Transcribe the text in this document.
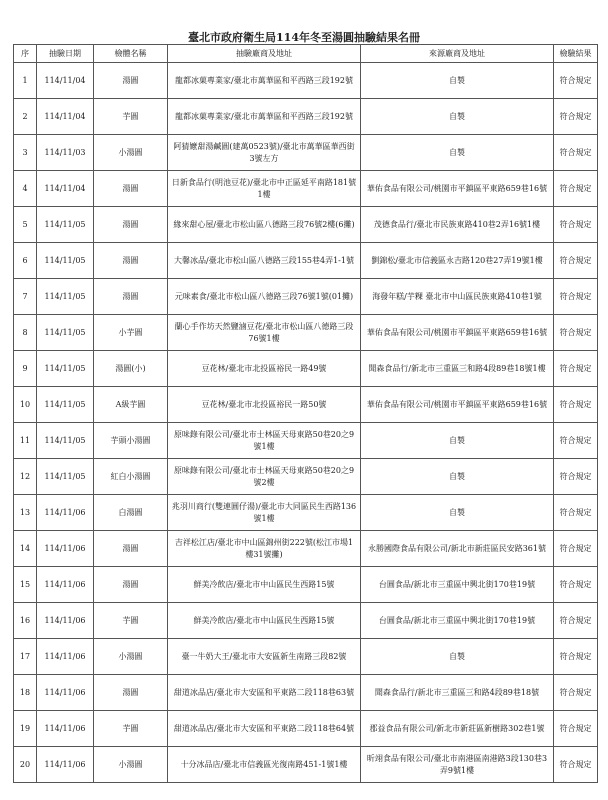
臺北市政府衛生局114年冬至湯圓抽驗結果名冊
序	抽驗日期	檢體名稱	抽驗廠商及地址	來源廠商及地址	檢驗結果
1	114/11/04	湯圓	龍都冰菓專業家/臺北市萬華區和平西路三段192號	自製	符合規定
2	114/11/04	芋圓	龍都冰菓專業家/臺北市萬華區和平西路三段192號	自製	符合規定
3	114/11/03	小湯圓	阿猜嬤甜湯鹹圓(建萬0523號)/臺北市萬華區華西街3號左方	自製	符合規定
4	114/11/04	湯圓	日新食品行(明池豆花)/臺北市中正區延平南路181號1樓	華佑食品有限公司/桃園市平鎮區平東路659巷16號	符合規定
5	114/11/05	湯圓	緣來甜心屋/臺北市松山區八德路三段76號2樓(6攤)	茂德食品行/臺北市民族東路410巷2弄16號1樓	符合規定
6	114/11/05	湯圓	大馨冰品/臺北市松山區八德路三段155巷4弄1-1號	劉錦松/臺北市信義區永吉路120巷27弄19號1樓	符合規定
7	114/11/05	湯圓	元味素食/臺北市松山區八德路三段76號1號(01攤)	海發年糕/芋粿 臺北市中山區民族東路410巷1號	符合規定
8	114/11/05	小芋圓	蘭心手作坊天然鹽滷豆花/臺北市松山區八德路三段76號1樓	華佑食品有限公司/桃園市平鎮區平東路659巷16號	符合規定
9	114/11/05	湯圓(小)	豆花林/臺北市北投區裕民一路49號	聞森食品行/新北市三重區三和路4段89巷18號1樓	符合規定
10	114/11/05	A級芋圓	豆花林/臺北市北投區裕民一路50號	華佑食品有限公司/桃園市平鎮區平東路659巷16號	符合規定
11	114/11/05	芋頭小湯圓	原味錄有限公司/臺北市士林區天母東路50巷20之9號1樓	自製	符合規定
12	114/11/05	紅白小湯圓	原味錄有限公司/臺北市士林區天母東路50巷20之9號2樓	自製	符合規定
13	114/11/06	白湯圓	兆羽川商行(雙連圓仔湯)/臺北市大同區民生西路136號1樓	自製	符合規定
14	114/11/06	湯圓	吉祥松江店/臺北市中山區錦州街222號(松江市場1樓31號攤)	永勝國際食品有限公司/新北市新莊區民安路361號	符合規定
15	114/11/06	湯圓	鮮美冷飲店/臺北市中山區民生西路15號	台圓食品/新北市三重區中興北街170巷19號	符合規定
16	114/11/06	芋圓	鮮美冷飲店/臺北市中山區民生西路15號	台圓食品/新北市三重區中興北街170巷19號	符合規定
17	114/11/06	小湯圓	臺一牛奶大王/臺北市大安區新生南路三段82號	自製	符合規定
18	114/11/06	湯圓	甜道冰品店/臺北市大安區和平東路二段118巷63號	聞森食品行/新北市三重區三和路4段89巷18號	符合規定
19	114/11/06	芋圓	甜道冰品店/臺北市大安區和平東路二段118巷64號	郡益食品有限公司/新北市新莊區新樹路302巷1號	符合規定
20	114/11/06	小湯圓	十分冰品店/臺北市信義區光復南路451-1號1樓	昕翊食品有限公司/臺北市南港區南港路3段130巷3弄9號1樓	符合規定
